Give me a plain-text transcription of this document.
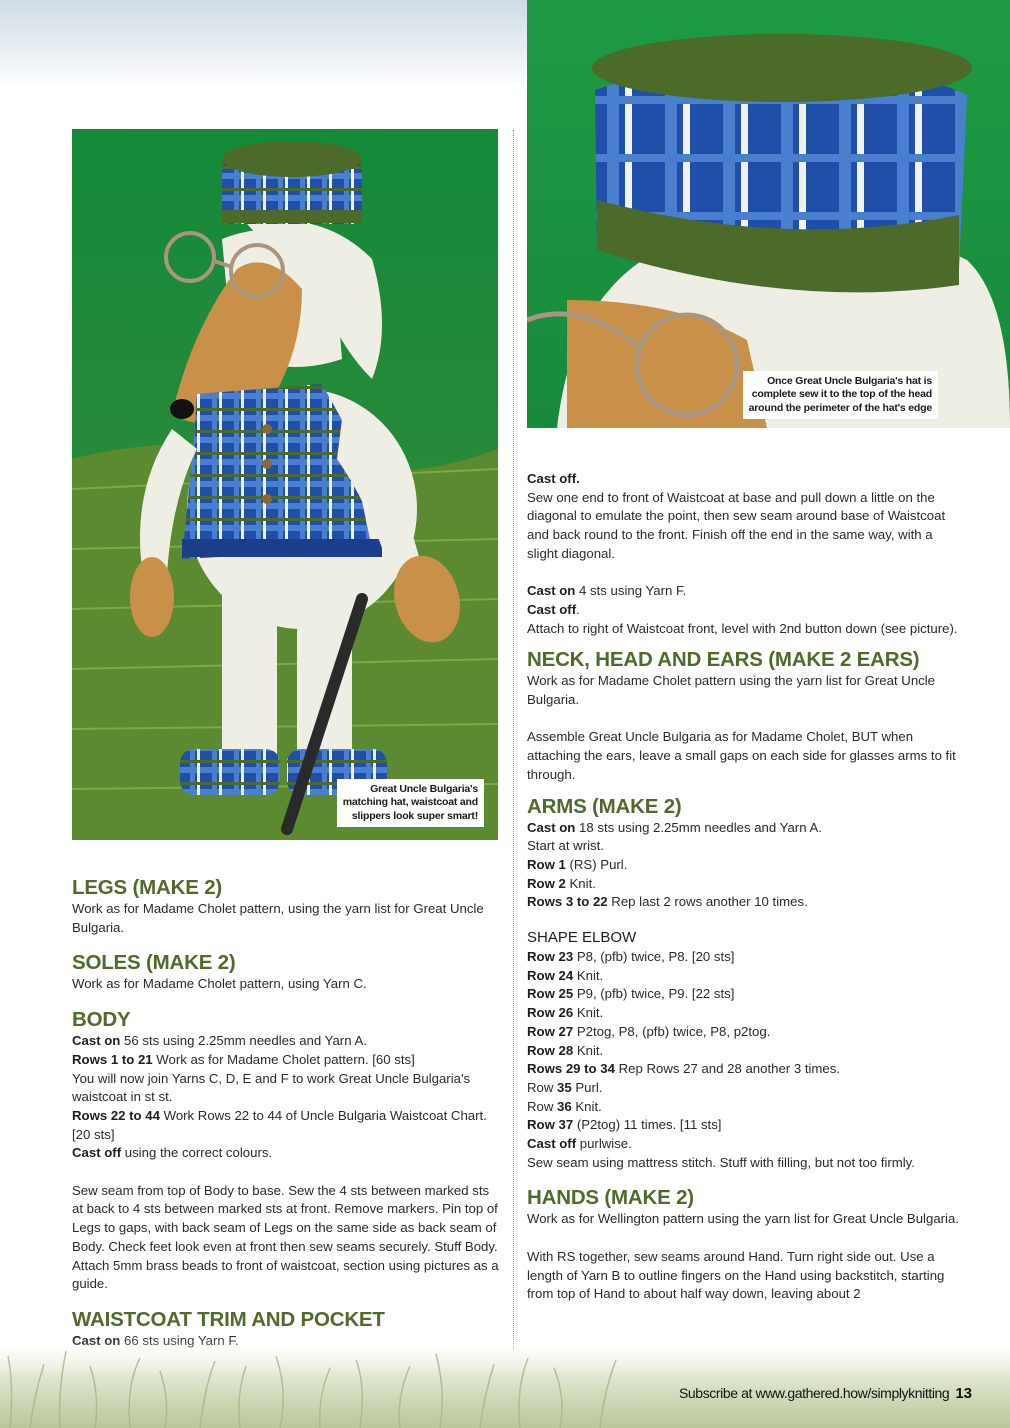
Great Uncle Bulgaria's
matching hat, waistcoat and
slippers look super smart!
Once Great Uncle Bulgaria's hat is
complete sew it to the top of the head
around the perimeter of the hat's edge
LEGS (MAKE 2)

Work as for Madame Cholet pattern, using the yarn list for Great Uncle Bulgaria.

SOLES (MAKE 2)

Work as for Madame Cholet pattern, using Yarn C.

BODY

Cast on 56 sts using 2.25mm needles and Yarn A.

Rows 1 to 21 Work as for Madame Cholet pattern. [60 sts]

You will now join Yarns C, D, E and F to work Great Uncle Bulgaria's waistcoat in st st.

Rows 22 to 44 Work Rows 22 to 44 of Uncle Bulgaria Waistcoat Chart. [20 sts]

Cast off using the correct colours.

Sew seam from top of Body to base. Sew the 4 sts between marked sts at back to 4 sts between marked sts at front. Remove markers. Pin top of Legs to gaps, with back seam of Legs on the same side as back seam of Body. Check feet look even at front then sew seams securely. Stuff Body. Attach 5mm brass beads to front of waistcoat, section using pictures as a guide.

WAISTCOAT TRIM AND POCKET

Cast off.

Sew one end to front of Waistcoat at base and pull down a little on the diagonal to emulate the point, then sew seam around base of Waistcoat and back round to the front. Finish off the end in the same way, with a slight diagonal.

Cast on 4 sts using Yarn F.

Cast off.

Attach to right of Waistcoat front, level with 2nd button down (see picture).

NECK, HEAD AND EARS (MAKE 2 EARS)

Work as for Madame Cholet pattern using the yarn list for Great Uncle Bulgaria.

Assemble Great Uncle Bulgaria as for Madame Cholet, BUT when attaching the ears, leave a small gaps on each side for glasses arms to fit through.

ARMS (MAKE 2)

Cast on 18 sts using 2.25mm needles and Yarn A.

Start at wrist.

Row 1 (RS) Purl.

Row 2 Knit.

Rows 3 to 22 Rep last 2 rows another 10 times.

SHAPE ELBOW

Row 23 P8, (pfb) twice, P8. [20 sts]

Row 24 Knit.

Row 25 P9, (pfb) twice, P9. [22 sts]

Row 26 Knit.

Row 27 P2tog, P8, (pfb) twice, P8, p2tog.

Row 28 Knit.

Rows 29 to 34 Rep Rows 27 and 28 another 3 times.

Row 35 Purl.

Row 36 Knit.

Row 37 (P2tog) 11 times. [11 sts]

Cast off purlwise.

Sew seam using mattress stitch. Stuff with filling, but not too firmly.

HANDS (MAKE 2)

Work as for Wellington pattern using the yarn list for Great Uncle Bulgaria.

With RS together, sew seams around Hand. Turn right side out. Use a length of Yarn B to outline fingers on the Hand using backstitch, starting from top of Hand to about half way down, leaving about 2

Subscribe at www.gathered.how/simplyknitting 13
